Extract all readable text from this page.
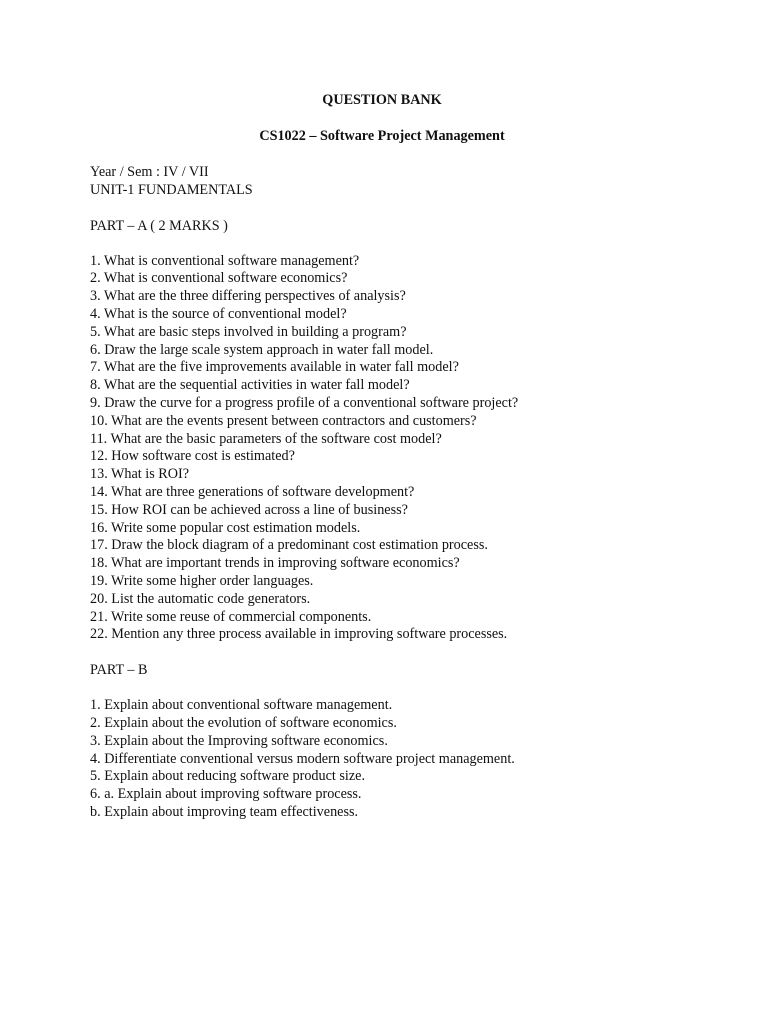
QUESTION BANK
CS1022 – Software Project Management
Year / Sem : IV / VII
UNIT-1 FUNDAMENTALS
PART – A ( 2 MARKS )
1. What is conventional software management?
2. What is conventional software economics?
3. What are the three differing perspectives of analysis?
4. What is the source of conventional model?
5. What are basic steps involved in building a program?
6. Draw the large scale system approach in water fall model.
7. What are the five improvements available in water fall model?
8. What are the sequential activities in water fall model?
9. Draw the curve for a progress profile of a conventional software project?
10. What are the events present between contractors and customers?
11. What are the basic parameters of the software cost model?
12. How software cost is estimated?
13. What is ROI?
14. What are three generations of software development?
15. How ROI can be achieved across a line of business?
16. Write some popular cost estimation models.
17. Draw the block diagram of a predominant cost estimation process.
18. What are important trends in improving software economics?
19. Write some higher order languages.
20. List the automatic code generators.
21. Write some reuse of commercial components.
22. Mention any three process available in improving software processes.
PART – B
1. Explain about conventional software management.
2. Explain about the evolution of software economics.
3. Explain about the Improving software economics.
4. Differentiate conventional versus modern software project management.
5. Explain about reducing software product size.
6. a. Explain about improving software process.
b. Explain about improving team effectiveness.
